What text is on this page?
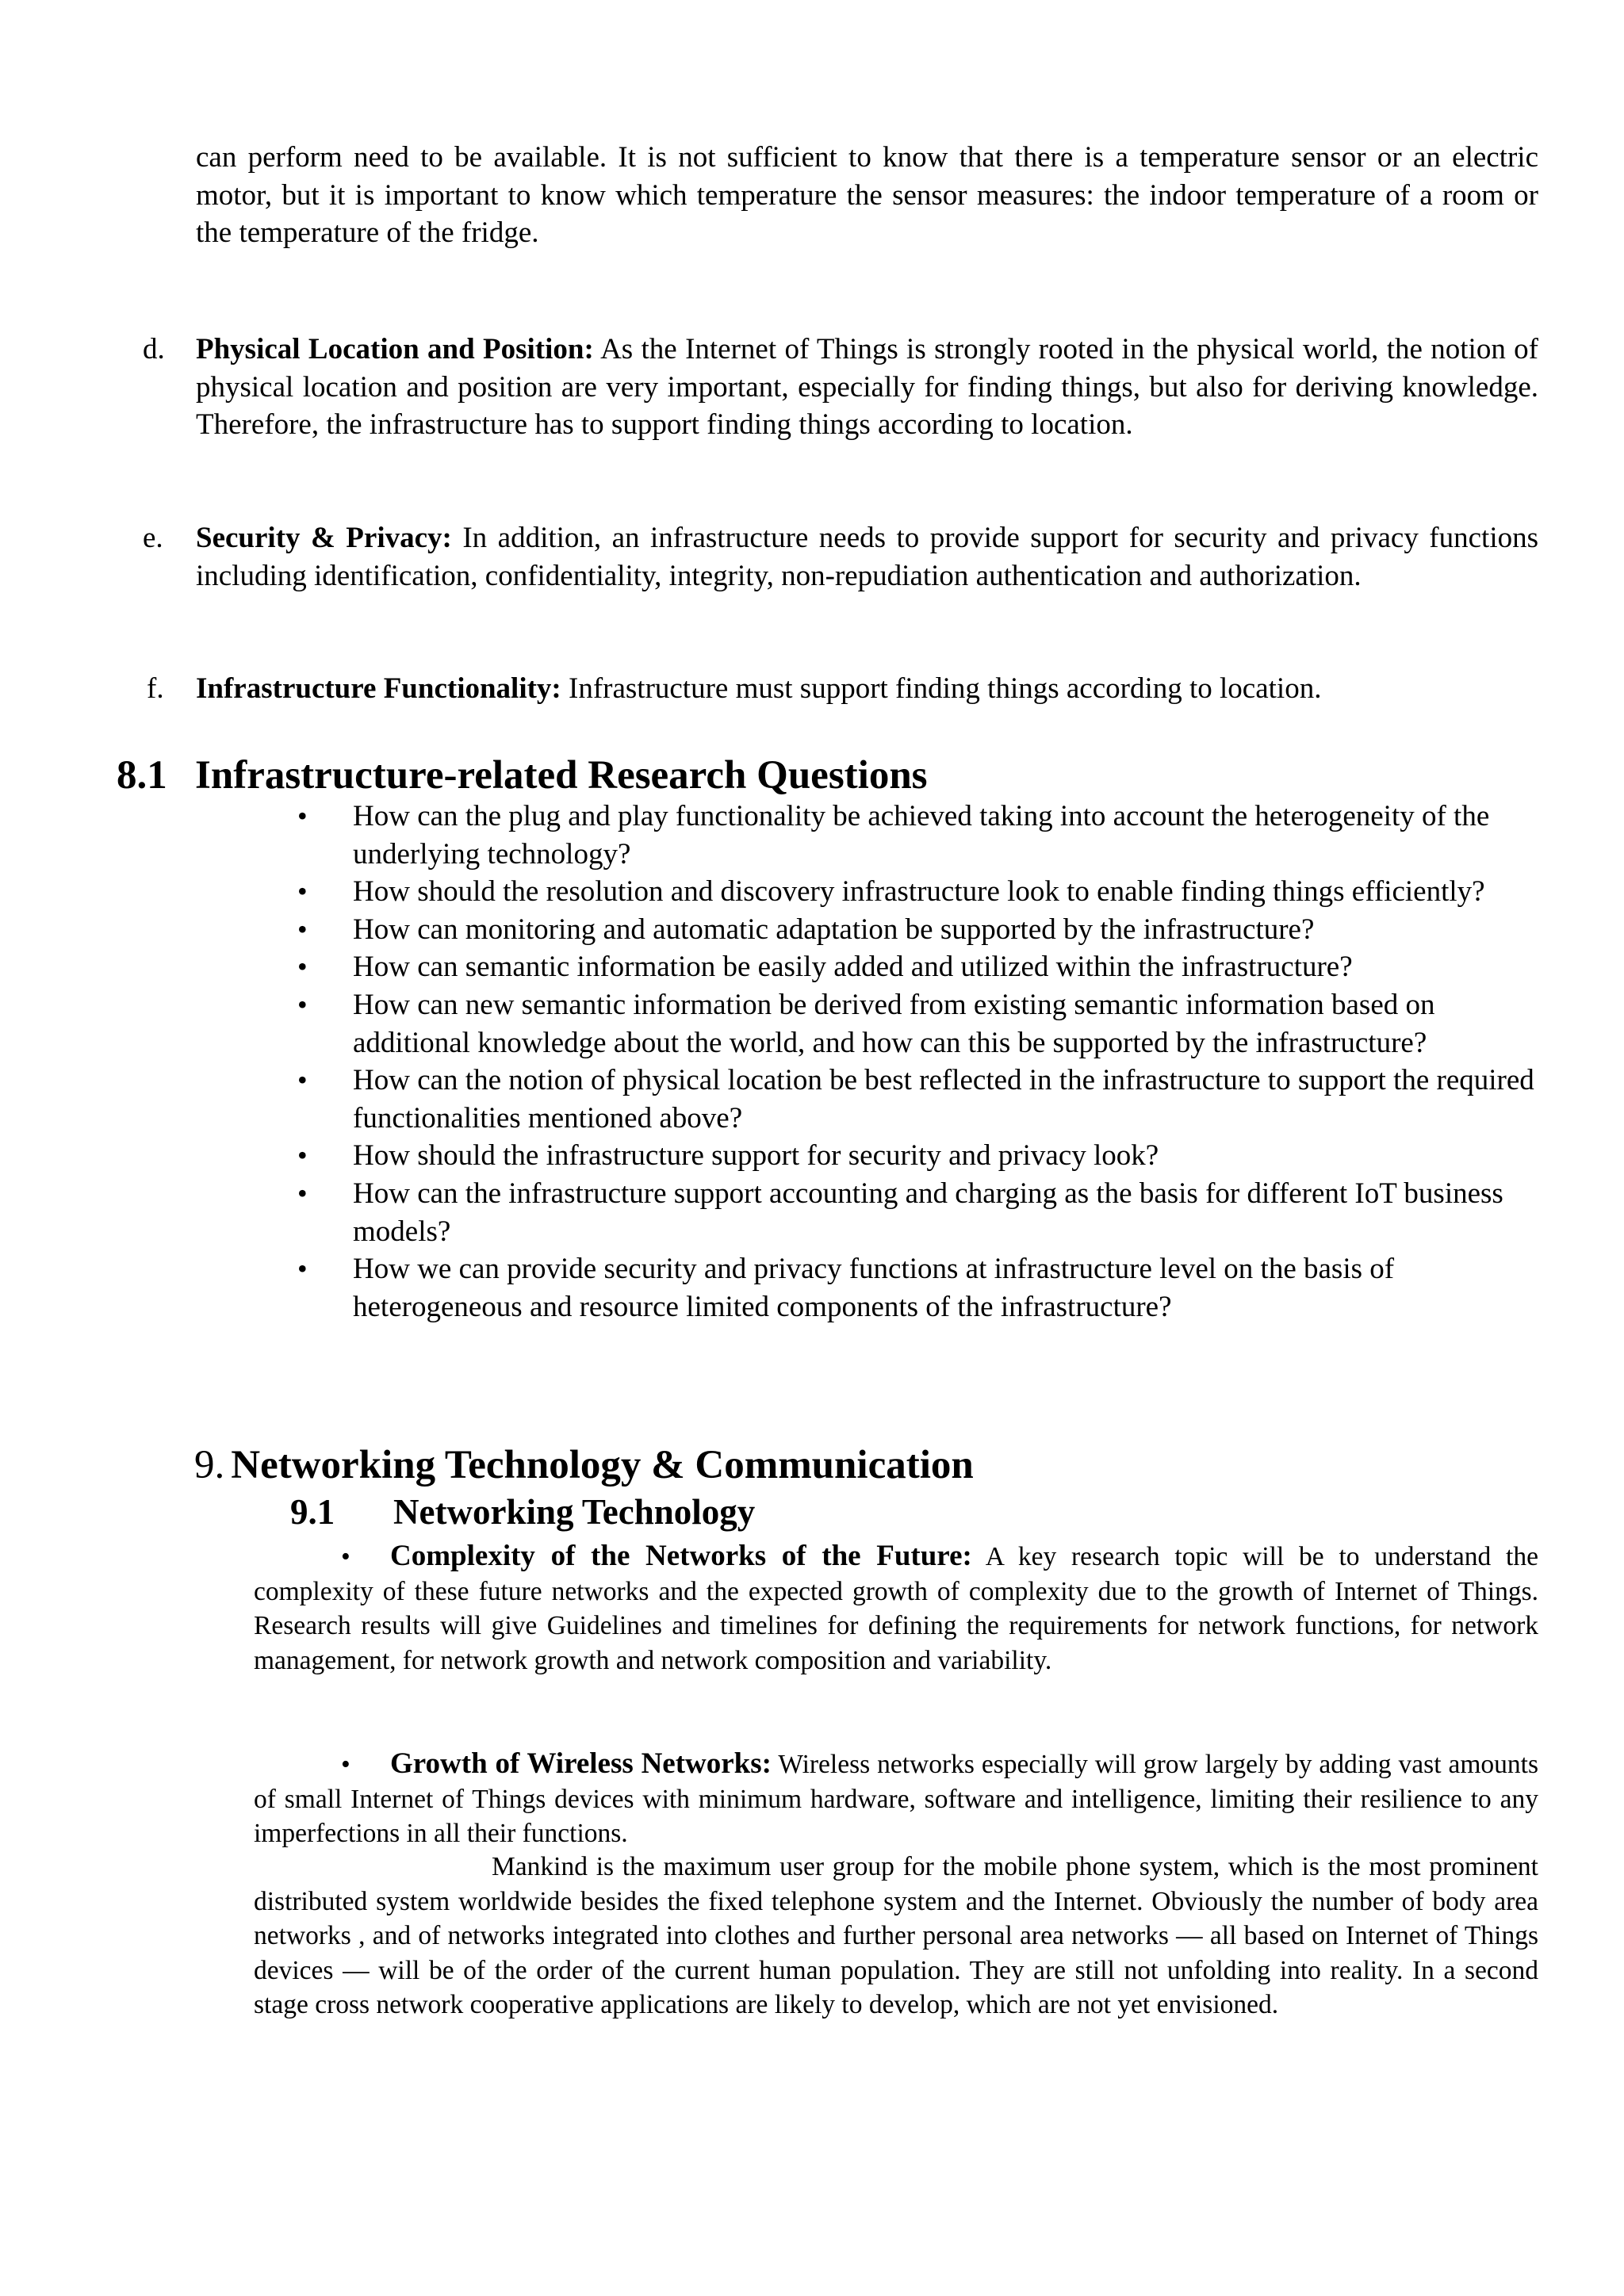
can perform need to be available. It is not sufficient to know that there is a temperature sensor or an electric motor, but it is important to know which temperature the sensor measures: the indoor temperature of a room or the temperature of the fridge.

d. Physical Location and Position: As the Internet of Things is strongly rooted in the physical world, the notion of physical location and position are very important, especially for finding things, but also for deriving knowledge. Therefore, the infrastructure has to support finding things according to location.

e. Security & Privacy: In addition, an infrastructure needs to provide support for security and privacy functions including identification, confidentiality, integrity, non-repudiation authentication and authorization.

f. Infrastructure Functionality: Infrastructure must support finding things according to location.

8.1 Infrastructure-related Research Questions
• How can the plug and play functionality be achieved taking into account the heterogeneity of the underlying technology?
• How should the resolution and discovery infrastructure look to enable finding things efficiently?
• How can monitoring and automatic adaptation be supported by the infrastructure?
• How can semantic information be easily added and utilized within the infrastructure?
• How can new semantic information be derived from existing semantic information based on additional knowledge about the world, and how can this be supported by the infrastructure?
• How can the notion of physical location be best reflected in the infrastructure to support the required functionalities mentioned above?
• How should the infrastructure support for security and privacy look?
• How can the infrastructure support accounting and charging as the basis for different IoT business models?
• How we can provide security and privacy functions at infrastructure level on the basis of heterogeneous and resource limited components of the infrastructure?
9. Networking Technology & Communication
9.1 Networking Technology

• Complexity of the Networks of the Future: A key research topic will be to understand the complexity of these future networks and the expected growth of complexity due to the growth of Internet of Things. Research results will give Guidelines and timelines for defining the requirements for network functions, for network management, for network growth and network composition and variability.

• Growth of Wireless Networks: Wireless networks especially will grow largely by adding vast amounts of small Internet of Things devices with minimum hardware, software and intelligence, limiting their resilience to any imperfections in all their functions.

Mankind is the maximum user group for the mobile phone system, which is the most prominent distributed system worldwide besides the fixed telephone system and the Internet. Obviously the number of body area networks , and of networks integrated into clothes and further personal area networks — all based on Internet of Things devices — will be of the order of the current human population. They are still not unfolding into reality. In a second stage cross network cooperative applications are likely to develop, which are not yet envisioned.
